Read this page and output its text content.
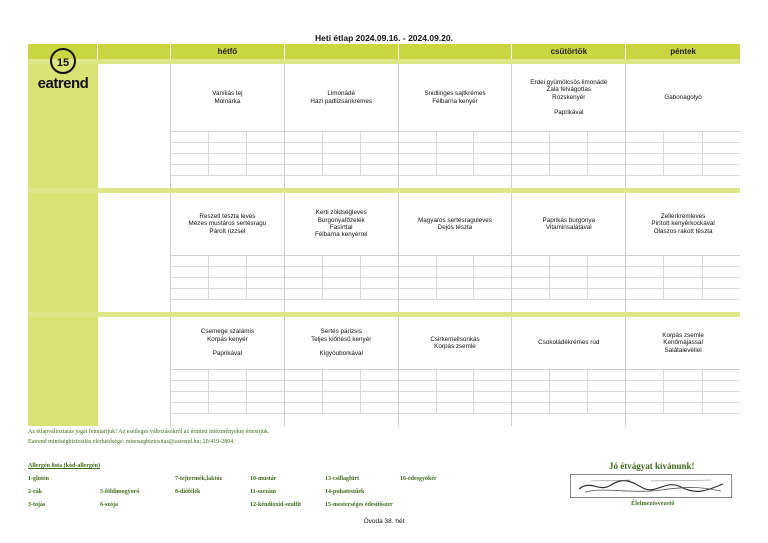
Heti étlap 2024.09.16. - 2024.09.20.
hétfő	csütörtök	péntek
Vaníliás tej
Molnárka
Limonádé
Házi padlizsánkrémes
Snidlinges sajtkrémes
Félbarna kenyér
Erdei gyümölcsös limonádé
Zala félvágottas
Rozskenyér
Paprikával
Gabonagolyó
Reszelt tészta leves
Mézes mustáros sertésragu
Párolt rizzsel
Kerti zöldségleves
Burgonyafőzelék
Fasírttal
Félbarna kenyérrel
Magyaros sertésraguleves
Dejós tészta
Paprikás burgonya
Vitaminsalátával
Zellerkrémleves
Pirított kenyérkockával
Olaszos rakott tészta
Csemege szalámis
Korpás kenyér
Paprikával
Sertés párizsis
Teljes kiőrlésű kenyér
Kígyóuborkával
Csirkemellsonkás
Korpás zsemle
Csokoládékrémes rúd
Korpás zsemle
Kenőmájassal
Salátalevéllel
15
eatrend
Az étlapváltoztatás jogát fenntartjuk! Az esetleges változásokról az érintett intézményeket értesítjük.
Eatrend minőségbiztosítás elérhetősége: minosegbiztositas@eatrend.hu; 20/419-2804
Allergén lista (kód-allergén)
1-glutén
2-rák
3-tojás
5-földimogyoró
6-szója
7-tejtermék,laktóz
8-diófélék
10-mustár
11-szezám
12-kéndioxid-szulfit
13-csillagfürt
14-puhatestűek
15-mesterséges édesítőszer
16-édesgyökér
Jó étvágyat kívánunk!
Élelmezésvezető
Óvoda 38. hét
